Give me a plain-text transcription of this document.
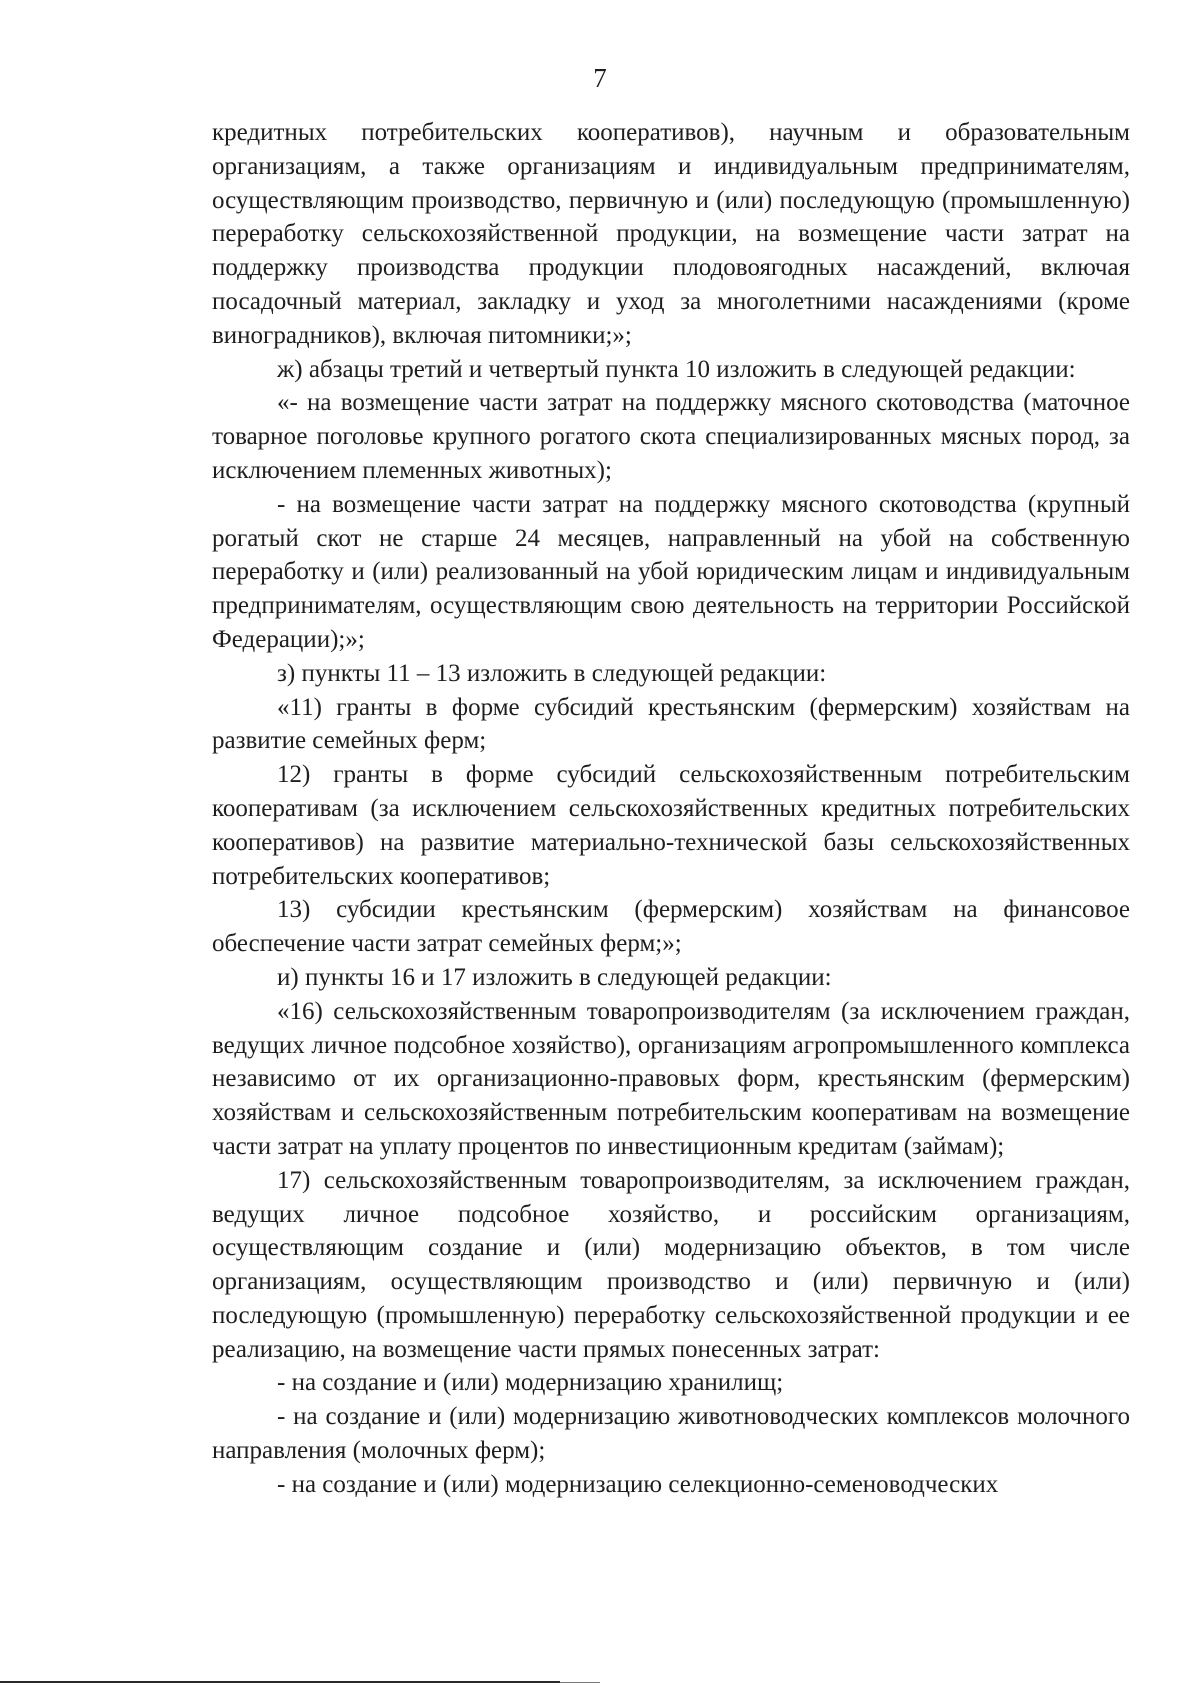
7

кредитных потребительских кооперативов), научным и образовательным организациям, а также организациям и индивидуальным предпринимателям, осуществляющим производство, первичную и (или) последующую (промышленную) переработку сельскохозяйственной продукции, на возмещение части затрат на поддержку производства продукции плодовоягодных насаждений, включая посадочный материал, закладку и уход за многолетними насаждениями (кроме виноградников), включая питомники;»;

ж) абзацы третий и четвертый пункта 10 изложить в следующей редакции:

«- на возмещение части затрат на поддержку мясного скотоводства (маточное товарное поголовье крупного рогатого скота специализированных мясных пород, за исключением племенных животных);

- на возмещение части затрат на поддержку мясного скотоводства (крупный рогатый скот не старше 24 месяцев, направленный на убой на собственную переработку и (или) реализованный на убой юридическим лицам и индивидуальным предпринимателям, осуществляющим свою деятельность на территории Российской Федерации);»;

з) пункты 11 – 13 изложить в следующей редакции:

«11) гранты в форме субсидий крестьянским (фермерским) хозяйствам на развитие семейных ферм;

12) гранты в форме субсидий сельскохозяйственным потребительским кооперативам (за исключением сельскохозяйственных кредитных потребительских кооперативов) на развитие материально-технической базы сельскохозяйственных потребительских кооперативов;

13) субсидии крестьянским (фермерским) хозяйствам на финансовое обеспечение части затрат семейных ферм;»;

и) пункты 16 и 17 изложить в следующей редакции:

«16) сельскохозяйственным товаропроизводителям (за исключением граждан, ведущих личное подсобное хозяйство), организациям агропромышленного комплекса независимо от их организационно-правовых форм, крестьянским (фермерским) хозяйствам и сельскохозяйственным потребительским кооперативам на возмещение части затрат на уплату процентов по инвестиционным кредитам (займам);

17) сельскохозяйственным товаропроизводителям, за исключением граждан, ведущих личное подсобное хозяйство, и российским организациям, осуществляющим создание и (или) модернизацию объектов, в том числе организациям, осуществляющим производство и (или) первичную и (или) последующую (промышленную) переработку сельскохозяйственной продукции и ее реализацию, на возмещение части прямых понесенных затрат:

- на создание и (или) модернизацию хранилищ;

- на создание и (или) модернизацию животноводческих комплексов молочного направления (молочных ферм);

- на создание и (или) модернизацию селекционно-семеноводческих
